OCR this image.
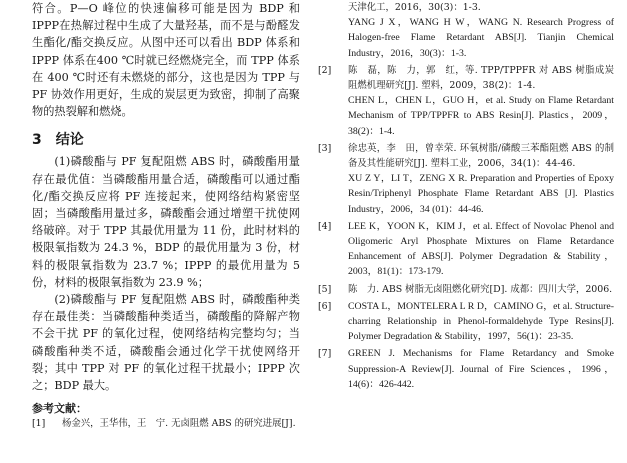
符合。P—O 峰位的快速偏移可能是因为 BDP 和 IPPP在热解过程中生成了大量羟基，而不是与酚醛发生酯化/酯交换反应。从图中还可以看出 BDP 体系和 IPPP 体系在400 ℃时就已经燃烧完全，而 TPP 体系在 400 ℃时还有未燃烧的部分，这也是因为 TPP 与 PF 协效作用更好，生成的炭层更为致密，抑制了高聚物的热裂解和燃烧。

3 结论

(1)磷酸酯与 PF 复配阻燃 ABS 时，磷酸酯用量存在最优值：当磷酸酯用量合适，磷酸酯可以通过酯化/酯交换反应将 PF 连接起来，使网络结构紧密坚固；当磷酸酯用量过多，磷酸酯会通过增塑干扰使网络破碎。对于 TPP 其最优用量为 11 份，此时材料的极限氧指数为 24.3 %，BDP 的最优用量为 3 份，材料的极限氧指数为 23.7 %；IPPP 的最优用量为 5 份，材料的极限氧指数为 23.9 %；

(2)磷酸酯与 PF 复配阻燃 ABS 时，磷酸酯种类存在最佳类：当磷酸酯种类适当，磷酸酯的降解产物不会干扰 PF 的氧化过程，使网络结构完整均匀；当磷酸酯种类不适，磷酸酯会通过化学干扰使网络开裂；其中 TPP 对 PF 的氧化过程干扰最小；IPPP 次之；BDP 最大。

参考文献：

[1]	杨金兴，王华伟，王　宁. 无卤阻燃 ABS 的研究进展[J].
天津化工，2016，30(3)：1-3.
YANG J X，WANG H W，WANG N. Research Progress of Halogen-free Flame Retardant ABS[J]. Tianjin Chemical Industry，2016，30(3)：1-3.
[2]	陈　磊，陈　力，郭　红，等. TPP/TPPFR 对 ABS 树脂成炭阻燃机理研究[J]. 塑料，2009，38(2)：1-4.
CHEN L，CHEN L，GUO H，et al. Study on Flame Retardant Mechanism of TPP/TPPFR to ABS Resin[J]. Plastics，2009，38(2)：1-4.
[3]	徐忠英，李　田，曾幸荣. 环氧树脂/磷酸三苯酯阻燃 ABS 的制备及其性能研究[J]. 塑料工业，2006，34(1)：44-46.
XU Z Y，LI T，ZENG X R. Preparation and Properties of Epoxy Resin/Triphenyl Phosphate Flame Retardant ABS [J]. Plastics Industry，2006，34 (01)：44-46.
[4]	LEE K，YOON K，KIM J，et al. Effect of Novolac Phenol and Oligomeric Aryl Phosphate Mixtures on Flame Retardance Enhancement of ABS[J]. Polymer Degradation & Stability，2003，81(1)：173-179.
[5]	陈　力. ABS 树脂无卤阻燃化研究[D]. 成都：四川大学，2006.
[6]	COSTA L，MONTELERA L R D，CAMINO G，et al. Structure-charring Relationship in Phenol-formaldehyde Type Resins[J]. Polymer Degradation & Stability，1997，56(1)：23-35.
[7]	GREEN J. Mechanisms for Flame Retardancy and Smoke Suppression-A Review[J]. Journal of Fire Sciences，1996，14(6)：426-442.
